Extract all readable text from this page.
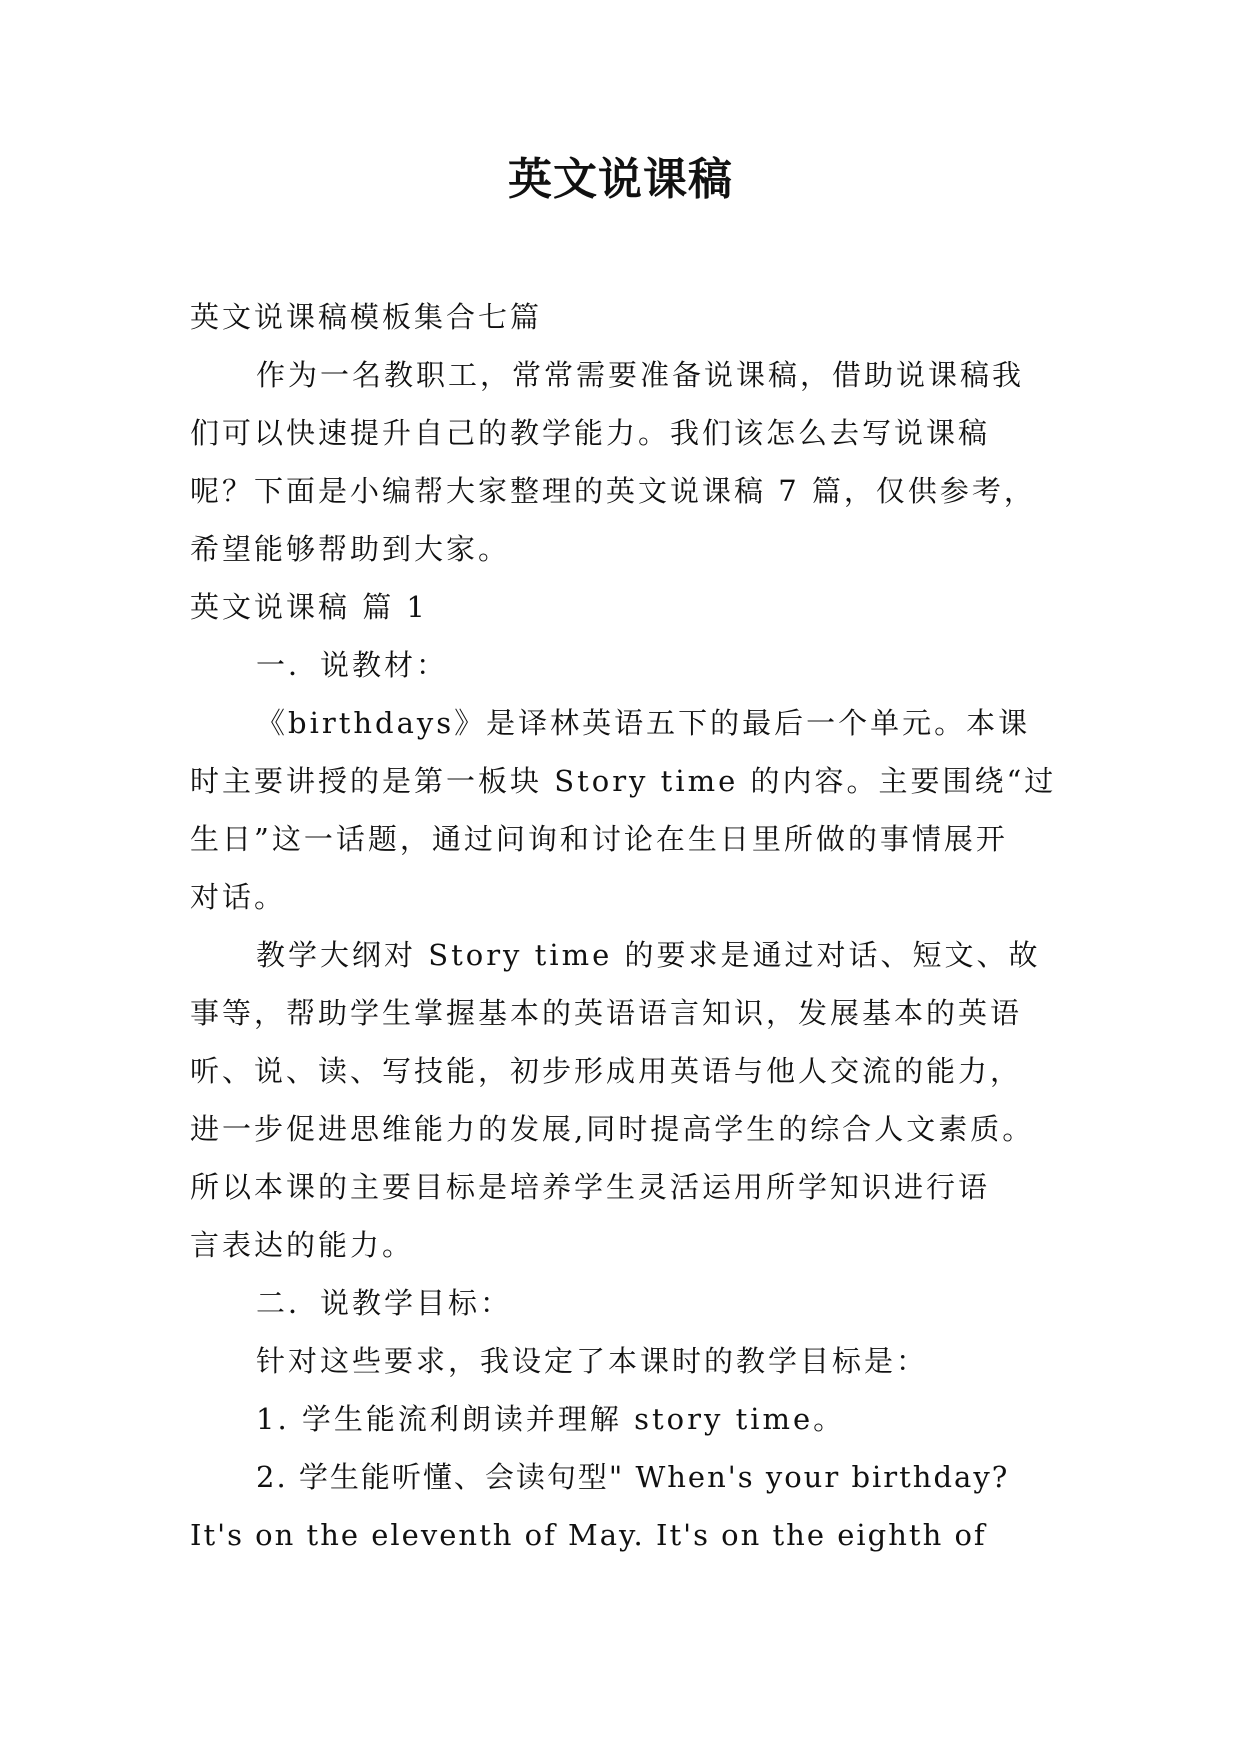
英文说课稿

英文说课稿模板集合七篇

作为一名教职工，常常需要准备说课稿，借助说课稿我

们可以快速提升自己的教学能力。我们该怎么去写说课稿

呢？下面是小编帮大家整理的英文说课稿 7 篇，仅供参考，

希望能够帮助到大家。

英文说课稿 篇 1

一．说教材：

《birthdays》是译林英语五下的最后一个单元。本课

时主要讲授的是第一板块 Story time 的内容。主要围绕“过

生日”这一话题，通过问询和讨论在生日里所做的事情展开

对话。

教学大纲对 Story time 的要求是通过对话、短文、故

事等，帮助学生掌握基本的英语语言知识，发展基本的英语

听、说、读、写技能，初步形成用英语与他人交流的能力，

进一步促进思维能力的发展,同时提高学生的综合人文素质。

所以本课的主要目标是培养学生灵活运用所学知识进行语

言表达的能力。

二．说教学目标：

针对这些要求，我设定了本课时的教学目标是：

1. 学生能流利朗读并理解 story time。

2. 学生能听懂、会读句型" When's your birthday?

It's on the eleventh of May. It's on the eighth of
